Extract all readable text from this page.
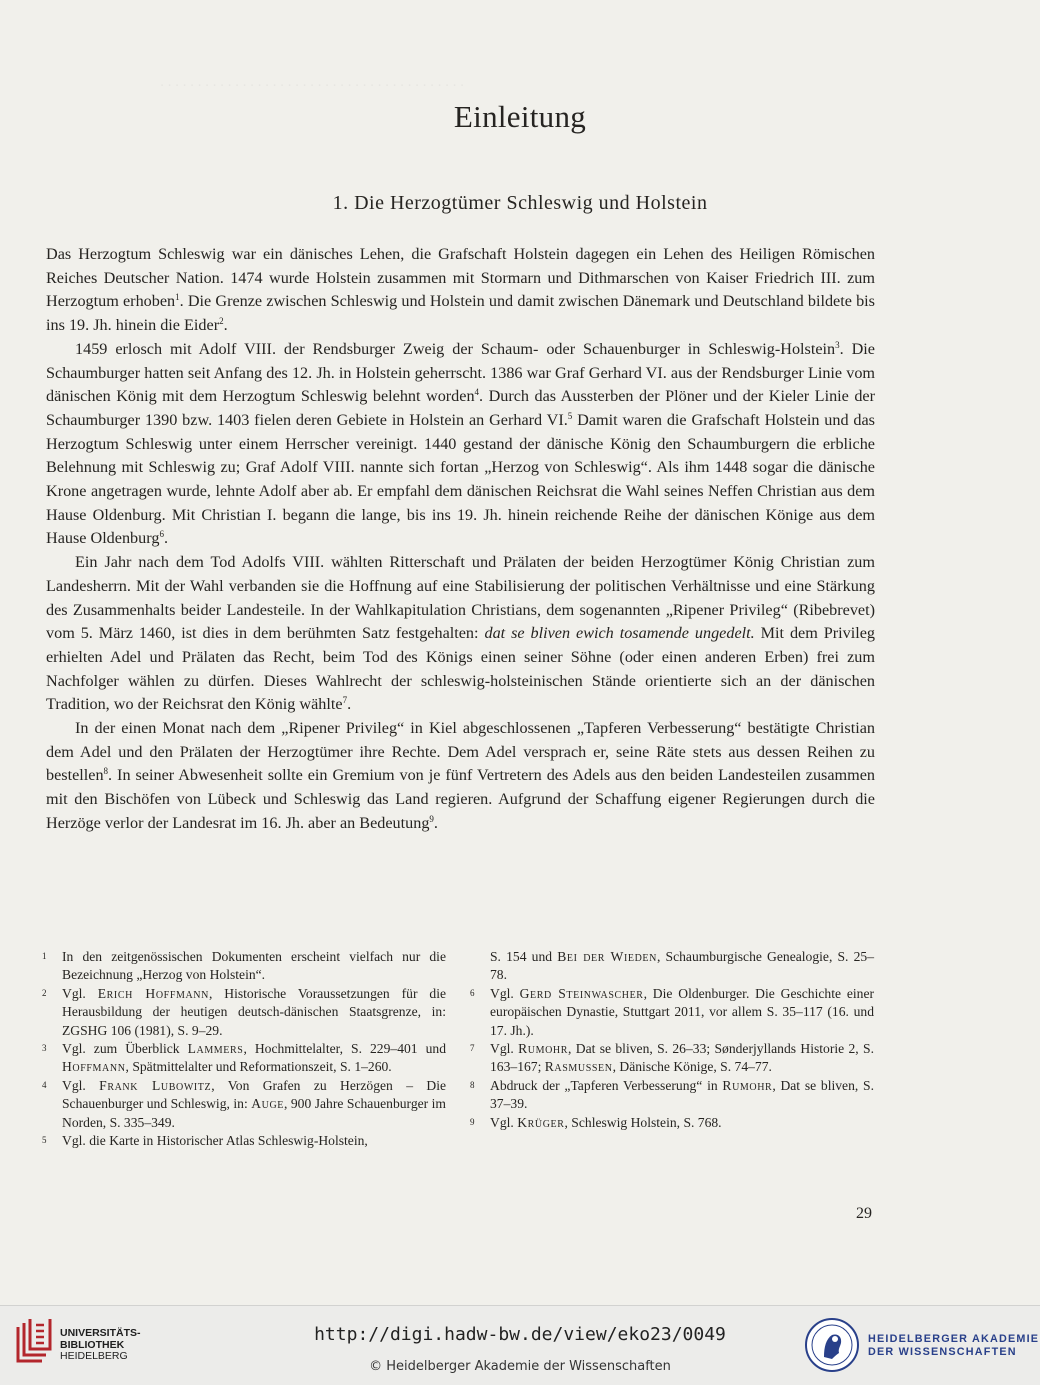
· · · · · · · · · · · · · · · · · · · · · · · · · · · · · · · · · · · · · · · · ·
Einleitung
1. Die Herzogtümer Schleswig und Holstein

Das Herzogtum Schleswig war ein dänisches Lehen, die Grafschaft Holstein dagegen ein Lehen des Heiligen Römischen Reiches Deutscher Nation. 1474 wurde Holstein zusammen mit Stormarn und Dithmarschen von Kaiser Friedrich III. zum Herzogtum erhoben$^1$. Die Grenze zwischen Schleswig und Holstein und damit zwischen Dänemark und Deutschland bildete bis ins 19. Jh. hinein die Eider$^2$.

1459 erlosch mit Adolf VIII. der Rendsburger Zweig der Schaum- oder Schauenburger in Schleswig-Holstein$^3$. Die Schaumburger hatten seit Anfang des 12. Jh. in Holstein geherrscht. 1386 war Graf Gerhard VI. aus der Rendsburger Linie vom dänischen König mit dem Herzogtum Schleswig belehnt worden$^4$. Durch das Aussterben der Plöner und der Kieler Linie der Schaumburger 1390 bzw. 1403 fielen deren Gebiete in Holstein an Gerhard VI.$^5$ Damit waren die Grafschaft Holstein und das Herzogtum Schleswig unter einem Herrscher vereinigt. 1440 gestand der dänische König den Schaumburgern die erbliche Belehnung mit Schleswig zu; Graf Adolf VIII. nannte sich fortan „Herzog von Schleswig“. Als ihm 1448 sogar die dänische Krone angetragen wurde, lehnte Adolf aber ab. Er empfahl dem dänischen Reichsrat die Wahl seines Neffen Christian aus dem Hause Oldenburg. Mit Christian I. begann die lange, bis ins 19. Jh. hinein reichende Reihe der dänischen Könige aus dem Hause Oldenburg$^6$.

Ein Jahr nach dem Tod Adolfs VIII. wählten Ritterschaft und Prälaten der beiden Herzogtümer König Christian zum Landesherrn. Mit der Wahl verbanden sie die Hoffnung auf eine Stabilisierung der politischen Verhältnisse und eine Stärkung des Zusammenhalts beider Landesteile. In der Wahlkapitulation Christians, dem sogenannten „Ripener Privileg“ (Ribebrevet) vom 5. März 1460, ist dies in dem berühmten Satz festgehalten: dat se bliven ewich tosamende ungedelt. Mit dem Privileg erhielten Adel und Prälaten das Recht, beim Tod des Königs einen seiner Söhne (oder einen anderen Erben) frei zum Nachfolger wählen zu dürfen. Dieses Wahlrecht der schleswig-holsteinischen Stände orientierte sich an der dänischen Tradition, wo der Reichsrat den König wählte$^7$.

In der einen Monat nach dem „Ripener Privileg“ in Kiel abgeschlossenen „Tapferen Verbesserung“ bestätigte Christian dem Adel und den Prälaten der Herzogtümer ihre Rechte. Dem Adel versprach er, seine Räte stets aus dessen Reihen zu bestellen$^8$. In seiner Abwesenheit sollte ein Gremium von je fünf Vertretern des Adels aus den beiden Landesteilen zusammen mit den Bischöfen von Lübeck und Schleswig das Land regieren. Aufgrund der Schaffung eigener Regierungen durch die Herzöge verlor der Landesrat im 16. Jh. aber an Bedeutung$^9$.

1	In den zeitgenössischen Dokumenten erscheint vielfach nur die Bezeichnung „Herzog von Holstein“.
2	Vgl. Erich Hoffmann, Historische Voraussetzungen für die Herausbildung der heutigen deutsch-dänischen Staatsgrenze, in: ZGSHG 106 (1981), S. 9–29.
3	Vgl. zum Überblick Lammers, Hochmittelalter, S. 229–401 und Hoffmann, Spätmittelalter und Reformationszeit, S. 1–260.
4	Vgl. Frank Lubowitz, Von Grafen zu Herzögen – Die Schauenburger und Schleswig, in: Auge, 900 Jahre Schauenburger im Norden, S. 335–349.
5	Vgl. die Karte in Historischer Atlas Schleswig-Holstein,
S. 154 und Bei der Wieden, Schaumburgische Genealogie, S. 25–78.
6	Vgl. Gerd Steinwascher, Die Oldenburger. Die Geschichte einer europäischen Dynastie, Stuttgart 2011, vor allem S. 35–117 (16. und 17. Jh.).
7	Vgl. Rumohr, Dat se bliven, S. 26–33; Sønderjyllands Historie 2, S. 163–167; Rasmussen, Dänische Könige, S. 74–77.
8	Abdruck der „Tapferen Verbesserung“ in Rumohr, Dat se bliven, S. 37–39.
9	Vgl. Krüger, Schleswig Holstein, S. 768.
29
UNIVERSITÄTS-
BIBLIOTHEK
HEIDELBERG
http://digi.hadw-bw.de/view/eko23/0049
© Heidelberger Akademie der Wissenschaften
HEIDELBERGER AKADEMIE
DER WISSENSCHAFTEN
